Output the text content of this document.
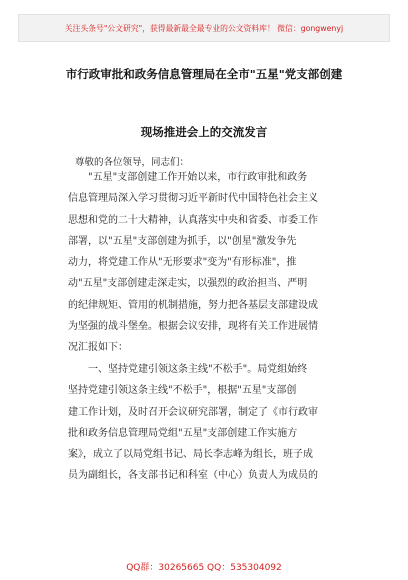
关注头条号"公文研究"，获得最新最全最专业的公文资料库！ 微信：gongwenyj
市行政审批和政务信息管理局在全市"五星"党支部创建
现场推进会上的交流发言
尊敬的各位领导，同志们：
"五星"支部创建工作开始以来，市行政审批和政务
信息管理局深入学习贯彻习近平新时代中国特色社会主义
思想和党的二十大精神，认真落实中央和省委、市委工作
部署，以"五星"支部创建为抓手，以"创星"激发争先
动力，将党建工作从"无形要求"变为"有形标准"，推
动"五星"支部创建走深走实，以强烈的政治担当、严明
的纪律规矩、管用的机制措施，努力把各基层支部建设成
为坚强的战斗堡垒。根据会议安排，现将有关工作进展情
况汇报如下：
一、坚持党建引领这条主线"不松手"。局党组始终
坚持党建引领这条主线"不松手"，根据"五星"支部创
建工作计划，及时召开会议研究部署，制定了《市行政审
批和政务信息管理局党组"五星"支部创建工作实施方
案》，成立了以局党组书记、局长李志峰为组长，班子成
员为副组长，各支部书记和科室（中心）负责人为成员的
QQ群：30265665 QQ：535304092
